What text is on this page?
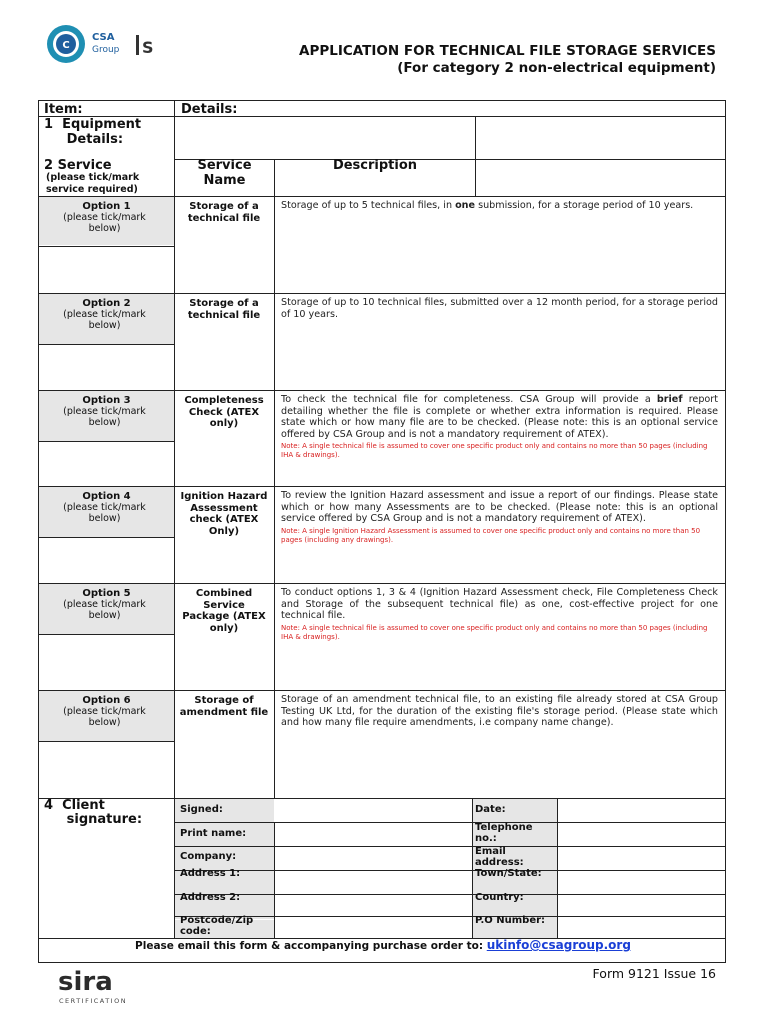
C
CSA
Group S	APPLICATION FOR TECHNICAL FILE STORAGE SERVICES
(For category 2 non-electrical equipment)
Item:	Details:
1  Equipment
Details:
2 Service
(please tick/mark service required)
Service
Name
Description
4  Client
signature:
Signed:
Print name:
Company:
Address 1:
Address 2:
Postcode/Zip code:
Date:
Telephone no.:
Email address:
Town/State:
Country:
P.O Number:
Option 1
(please tick/mark below)
Storage of a technical file
Storage of up to 5 technical files, in one submission, for a storage period of 10 years.
Option 2
(please tick/mark below)
Storage of a technical file
Storage of up to 10 technical files, submitted over a 12 month period, for a storage period of 10 years.
Option 3
(please tick/mark below)
Completeness Check (ATEX only)
To check the technical file for completeness. CSA Group will provide a brief report detailing whether the file is complete or whether extra information is required. Please state which or how many file are to be checked. (Please note: this is an optional service offered by CSA Group and is not a mandatory requirement of ATEX).
Note: A single technical file is assumed to cover one specific product only and contains no more than 50 pages (including IHA & drawings).
Option 4
(please tick/mark below)
Ignition Hazard Assessment check (ATEX Only)
To review the Ignition Hazard assessment and issue a report of our findings. Please state which or how many Assessments are to be checked. (Please note: this is an optional service offered by CSA Group and is not a mandatory requirement of ATEX).
Note: A single Ignition Hazard Assessment is assumed to cover one specific product only and contains no more than 50 pages (including any drawings).
Option 5
(please tick/mark below)
Combined Service Package (ATEX only)
To conduct options 1, 3 & 4 (Ignition Hazard Assessment check, File Completeness Check and Storage of the subsequent technical file) as one, cost-effective project for one technical file.
Note: A single technical file is assumed to cover one specific product only and contains no more than 50 pages (including IHA & drawings).
Option 6
(please tick/mark below)
Storage of amendment file
Storage of an amendment technical file, to an existing file already stored at CSA Group Testing UK Ltd, for the duration of the existing file's storage period. (Please state which and how many file require amendments, i.e company name change).
Please email this form & accompanying purchase order to: ukinfo@csagroup.org
sira
CERTIFICATION
Form 9121 Issue 16
